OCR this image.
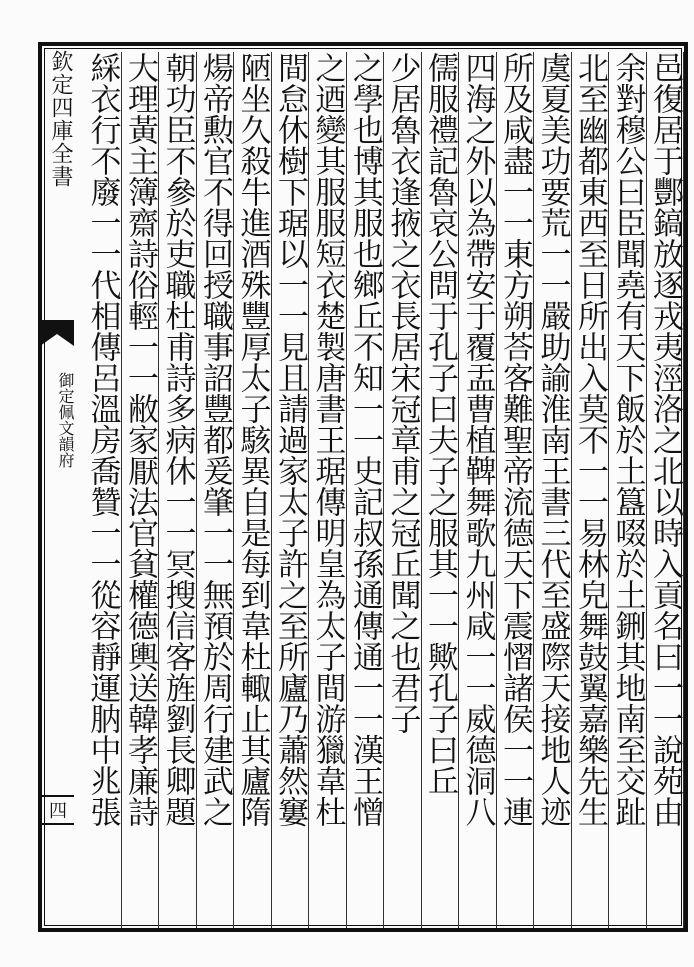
欽定四庫全書
御定佩文韻府
四	邑復居于酆鎬放逐戎夷涇洛之北以時入貢名曰一一說苑由
余對穆公曰臣聞堯有天下飯於土簋啜於土鉶其地南至交趾
北至幽都東西至日所出入莫不一一易林皃舞鼓翼嘉樂先生
虞夏美功要荒一一嚴助諭淮南王書三代至盛際天接地人迹
所及咸盡一一東方朔荅客難聖帝流德天下震慴諸侯一一連
四海之外以為帶安于覆盂曹植鞞舞歌九州咸一一威德洞八
儒服禮記魯哀公問于孔子曰夫子之服其一一歟孔子曰丘
少居魯衣逢掖之衣長居宋冠章甫之冠丘聞之也君子
之學也博其服也鄉丘不知一一史記叔孫通傳通一一漢王憎
之迺變其服服短衣楚製唐書王琚傳明皇為太子間游獵韋杜
間怠休樹下琚以一一見且請過家太子許之至所廬乃蕭然窶
陋坐久殺牛進酒殊豐厚太子駭異自是每到韋杜輙止其廬隋
煬帝勲官不得回授職事詔豐都爰肇一一無預於周行建武之
朝功臣不參於吏職杜甫詩多病休一一冥搜信客旌劉長卿題
大理黃主簿齋詩俗輕一一敝家厭法官貧權德輿送韓孝廉詩
綵衣行不廢一一代相傳呂溫房喬贊一一從容靜運肭中兆張
